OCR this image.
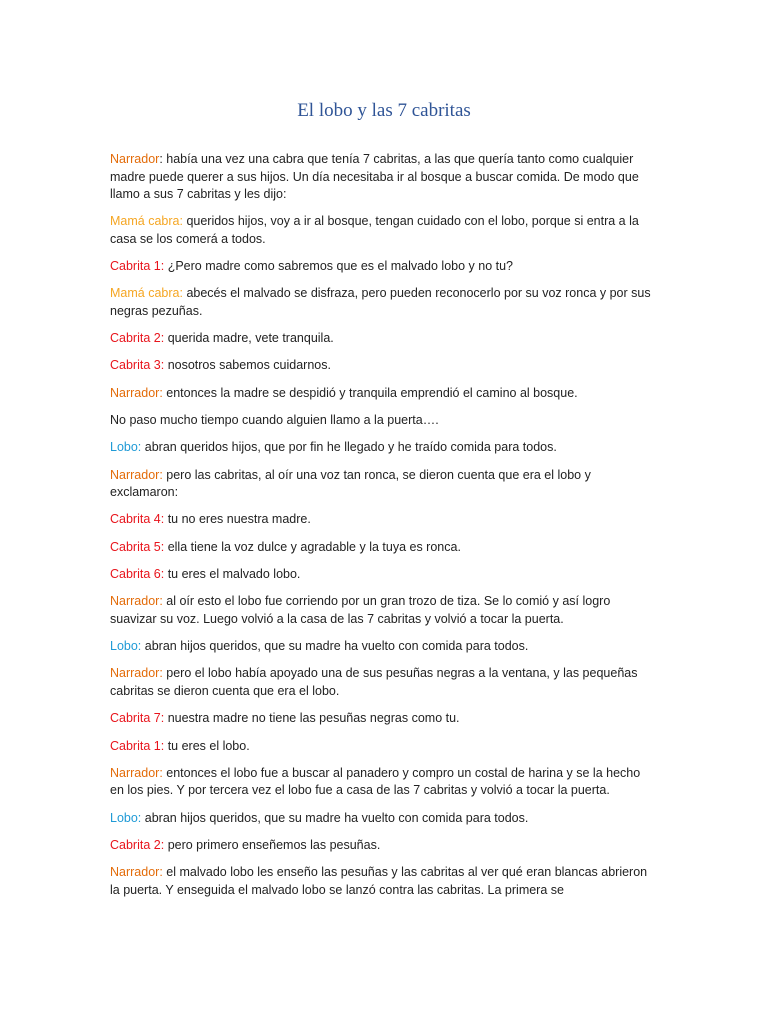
El lobo y las 7 cabritas

Narrador: había una vez una cabra que tenía 7 cabritas, a las que quería tanto como cualquier madre puede querer a sus hijos. Un día necesitaba ir al bosque a buscar comida. De modo que llamo a sus 7 cabritas y les dijo:

Mamá cabra: queridos hijos, voy a ir al bosque, tengan cuidado con el lobo, porque si entra a la casa se los comerá a todos.

Cabrita 1: ¿Pero madre como sabremos que es el malvado lobo y no tu?

Mamá cabra: abecés el malvado se disfraza, pero pueden reconocerlo por su voz ronca y por sus negras pezuñas.

Cabrita 2: querida madre, vete tranquila.

Cabrita 3: nosotros sabemos cuidarnos.

Narrador: entonces la madre se despidió y tranquila emprendió el camino al bosque.

No paso mucho tiempo cuando alguien llamo a la puerta….

Lobo: abran queridos hijos, que por fin he llegado y he traído comida para todos.

Narrador: pero las cabritas, al oír una voz tan ronca, se dieron cuenta que era el lobo y exclamaron:

Cabrita 4: tu no eres nuestra madre.

Cabrita 5: ella tiene la voz dulce y agradable y la tuya es ronca.

Cabrita 6: tu eres el malvado lobo.

Narrador: al oír esto el lobo fue corriendo por un gran trozo de tiza. Se lo comió y así logro suavizar su voz. Luego volvió a la casa de las 7 cabritas y volvió a tocar la puerta.

Lobo: abran hijos queridos, que su madre ha vuelto con comida para todos.

Narrador: pero el lobo había apoyado una de sus pesuñas negras a la ventana, y las pequeñas cabritas se dieron cuenta que era el lobo.

Cabrita 7: nuestra madre no tiene las pesuñas negras como tu.

Cabrita 1: tu eres el lobo.

Narrador: entonces el lobo fue a buscar al panadero y compro un costal de harina y se la hecho en los pies. Y por tercera vez el lobo fue a casa de las 7 cabritas y volvió a tocar la puerta.

Lobo: abran hijos queridos, que su madre ha vuelto con comida para todos.

Cabrita 2: pero primero enseñemos las pesuñas.

Narrador: el malvado lobo les enseño las pesuñas y las cabritas al ver qué eran blancas abrieron la puerta. Y enseguida el malvado lobo se lanzó contra las cabritas. La primera se
